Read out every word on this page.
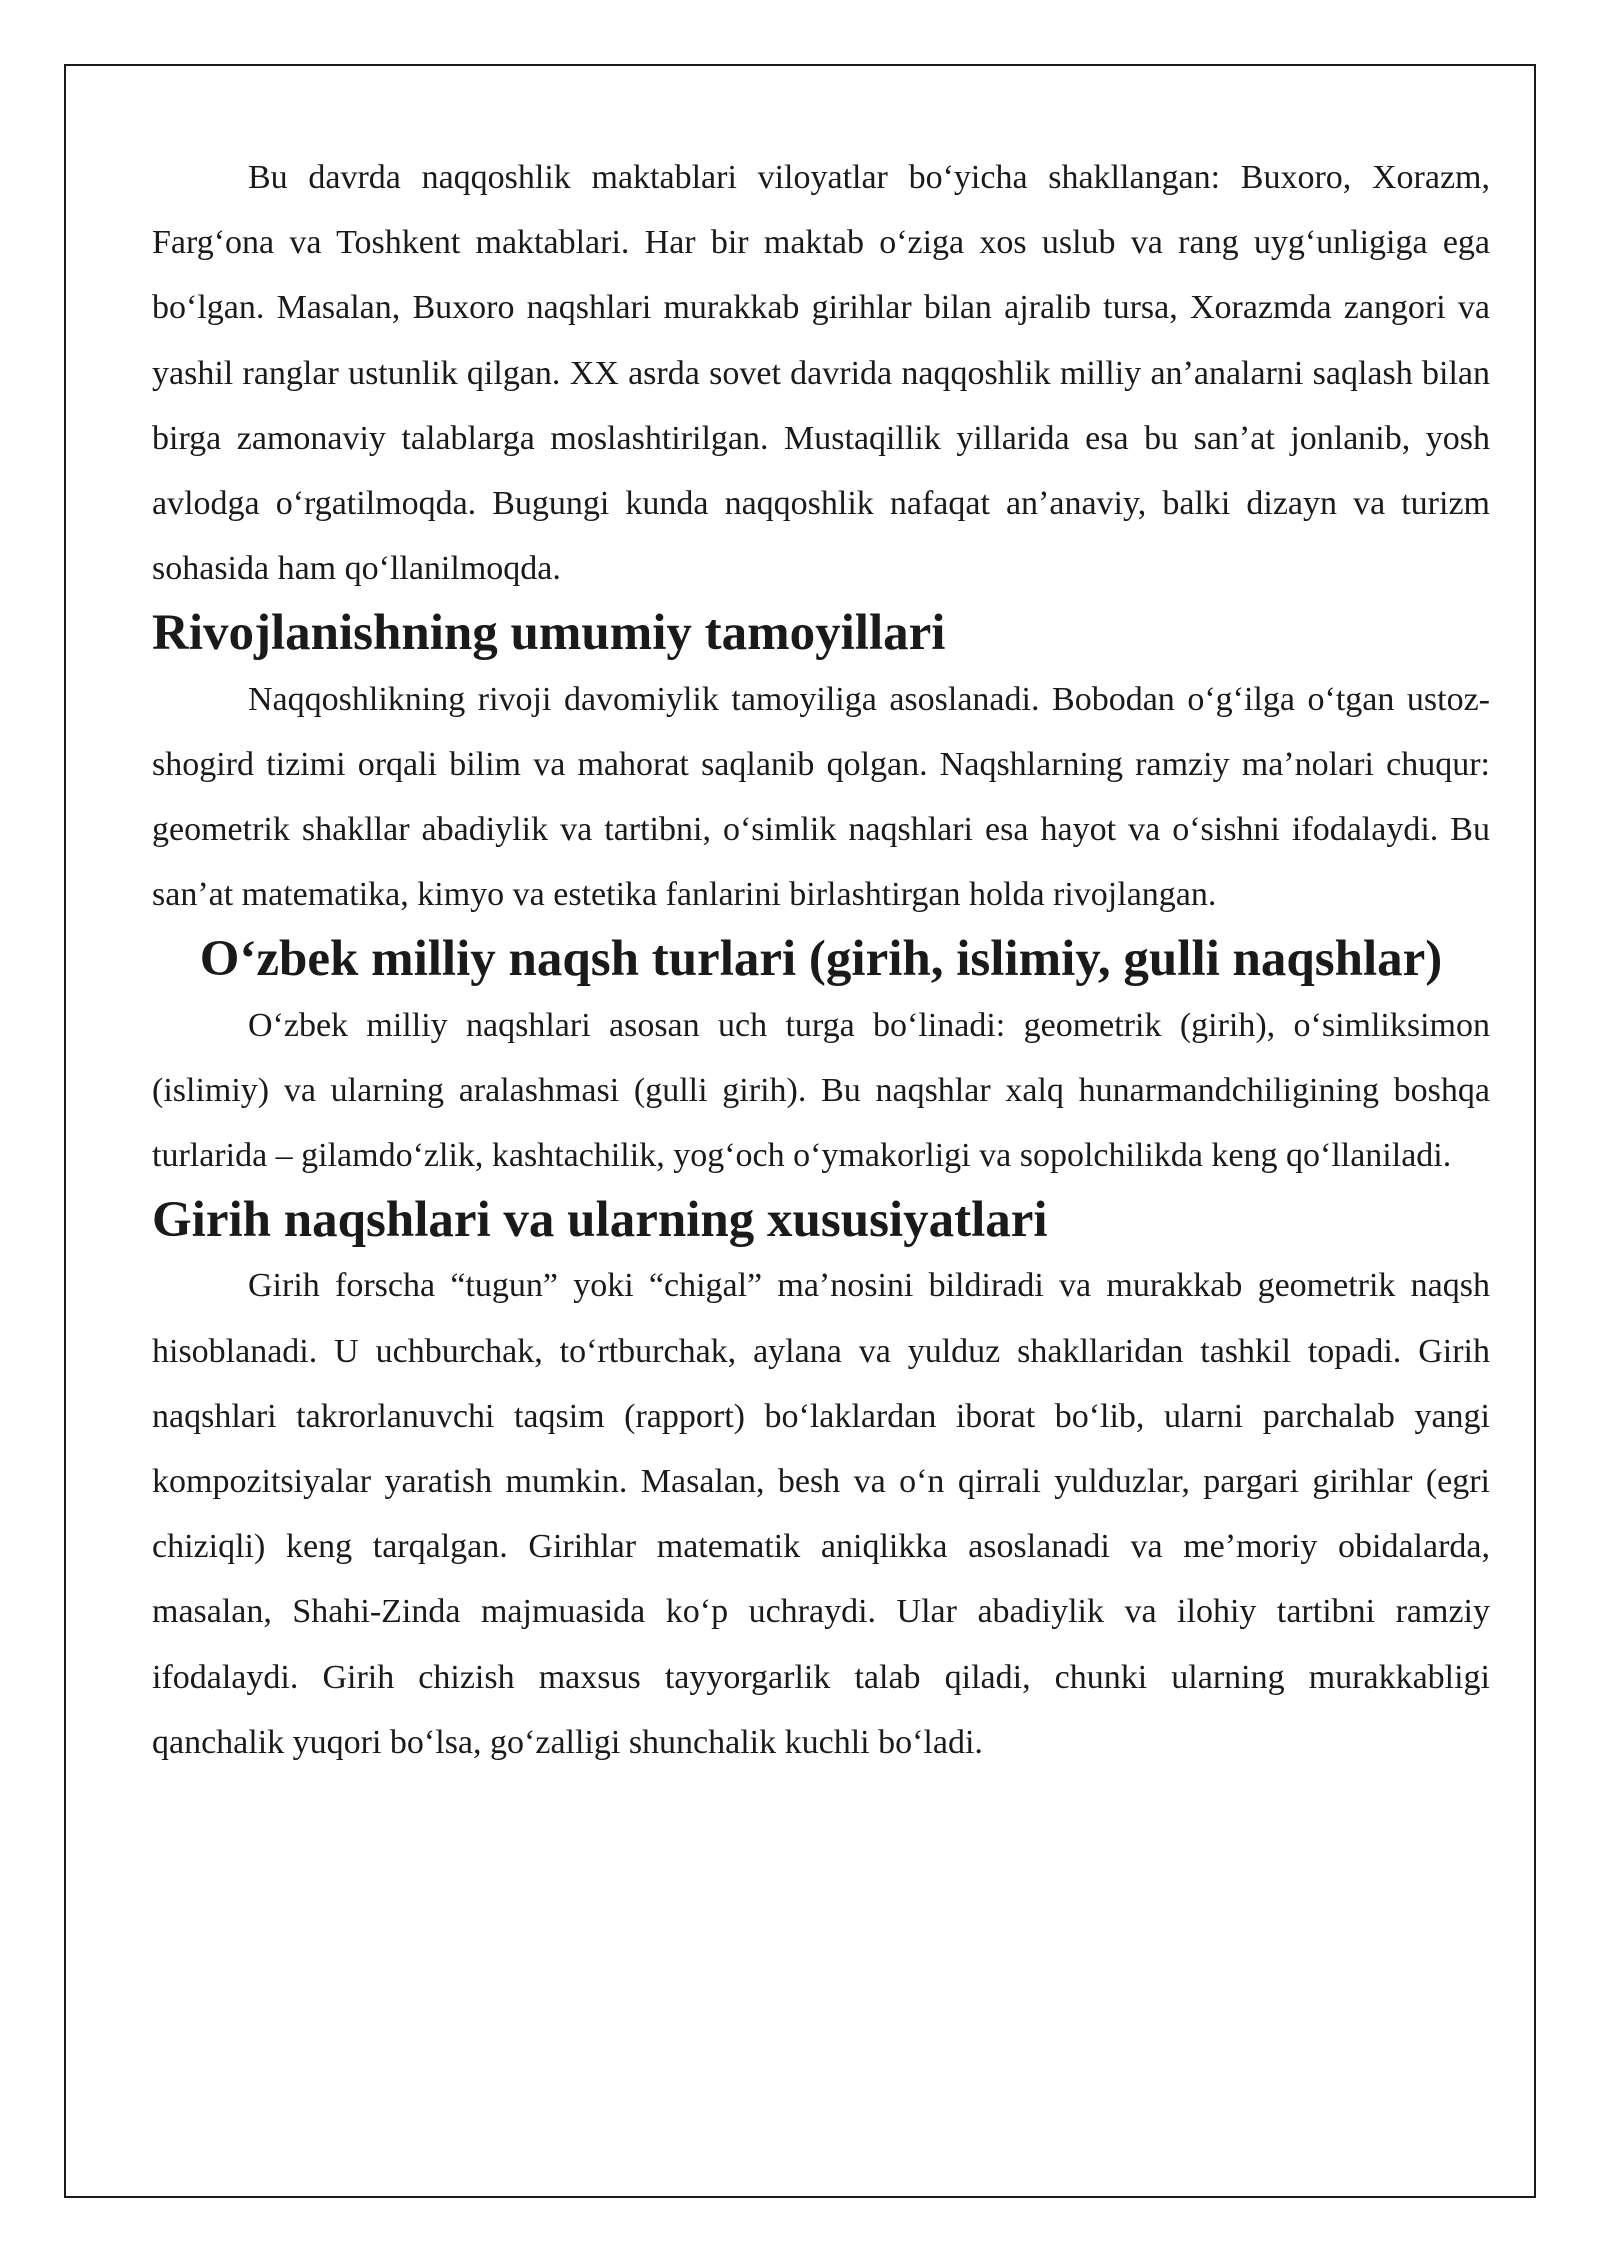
Bu davrda naqqoshlik maktablari viloyatlar boʻyicha shakllangan: Buxoro, Xorazm, Fargʻona va Toshkent maktablari. Har bir maktab oʻziga xos uslub va rang uygʻunligiga ega boʻlgan. Masalan, Buxoro naqshlari murakkab girihlar bilan ajralib tursa, Xorazmda zangori va yashil ranglar ustunlik qilgan. XX asrda sovet davrida naqqoshlik milliy anʼanalarni saqlash bilan birga zamonaviy talablarga moslashtirilgan. Mustaqillik yillarida esa bu sanʼat jonlanib, yosh avlodga oʻrgatilmoqda. Bugungi kunda naqqoshlik nafaqat anʼanaviy, balki dizayn va turizm sohasida ham qoʻllanilmoqda.

Rivojlanishning umumiy tamoyillari

Naqqoshlikning rivoji davomiylik tamoyiliga asoslanadi. Bobodan oʻgʻilga oʻtgan ustoz-shogird tizimi orqali bilim va mahorat saqlanib qolgan. Naqshlarning ramziy maʼnolari chuqur: geometrik shakllar abadiylik va tartibni, oʻsimlik naqshlari esa hayot va oʻsishni ifodalaydi. Bu sanʼat matematika, kimyo va estetika fanlarini birlashtirgan holda rivojlangan.

Oʻzbek milliy naqsh turlari (girih, islimiy, gulli naqshlar)

Oʻzbek milliy naqshlari asosan uch turga boʻlinadi: geometrik (girih), oʻsimliksimon (islimiy) va ularning aralashmasi (gulli girih). Bu naqshlar xalq hunarmandchiligining boshqa turlarida – gilamdoʻzlik, kashtachilik, yogʻoch oʻymakorligi va sopolchilikda keng qoʻllaniladi.

Girih naqshlari va ularning xususiyatlari

Girih forscha “tugun” yoki “chigal” maʼnosini bildiradi va murakkab geometrik naqsh hisoblanadi. U uchburchak, toʻrtburchak, aylana va yulduz shakllaridan tashkil topadi. Girih naqshlari takrorlanuvchi taqsim (rapport) boʻlaklardan iborat boʻlib, ularni parchalab yangi kompozitsiyalar yaratish mumkin. Masalan, besh va oʻn qirrali yulduzlar, pargari girihlar (egri chiziqli) keng tarqalgan. Girihlar matematik aniqlikka asoslanadi va meʼmoriy obidalarda, masalan, Shahi-Zinda majmuasida koʻp uchraydi. Ular abadiylik va ilohiy tartibni ramziy ifodalaydi. Girih chizish maxsus tayyorgarlik talab qiladi, chunki ularning murakkabligi qanchalik yuqori boʻlsa, goʻzalligi shunchalik kuchli boʻladi.
